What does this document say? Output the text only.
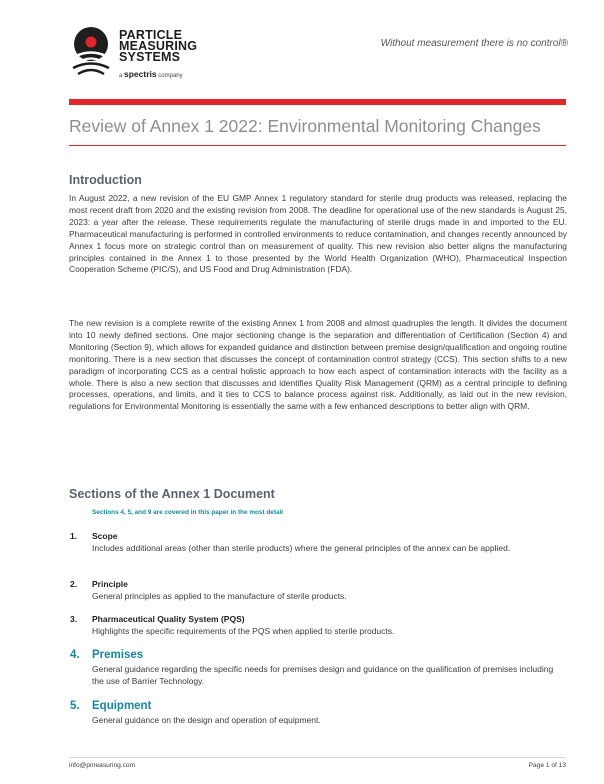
PARTICLE
MEASURING
SYSTEMS
a spectris company
Without measurement there is no control®
Review of Annex 1 2022: Environmental Monitoring Changes
Introduction

In August 2022, a new revision of the EU GMP Annex 1 regulatory standard for sterile drug products was released, replacing the most recent draft from 2020 and the existing revision from 2008. The deadline for operational use of the new standards is August 25, 2023: a year after the release. These requirements regulate the manufacturing of sterile drugs made in and imported to the EU. Pharmaceutical manufacturing is performed in controlled environments to reduce contamination, and changes recently announced by Annex 1 focus more on strategic control than on measurement of quality. This new revision also better aligns the manufacturing principles contained in the Annex 1 to those presented by the World Health Organization (WHO), Pharmaceutical Inspection Cooperation Scheme (PIC/S), and US Food and Drug Administration (FDA).

The new revision is a complete rewrite of the existing Annex 1 from 2008 and almost quadruples the length. It divides the document into 10 newly defined sections. One major sectioning change is the separation and differentiation of Certification (Section 4) and Monitoring (Section 9), which allows for expanded guidance and distinction between premise design/qualification and ongoing routine monitoring. There is a new section that discusses the concept of contamination control strategy (CCS). This section shifts to a new paradigm of incorporating CCS as a central holistic approach to how each aspect of contamination interacts with the facility as a whole. There is also a new section that discusses and identifies Quality Risk Management (QRM) as a central principle to defining processes, operations, and limits, and it ties to CCS to balance process against risk. Additionally, as laid out in the new revision, regulations for Environmental Monitoring is essentially the same with a few enhanced descriptions to better align with QRM.

Sections of the Annex 1 Document
Sections 4, 5, and 9 are covered in this paper in the most detail
1. Scope
Includes additional areas (other than sterile products) where the general principles of the annex can be applied.
2. Principle
General principles as applied to the manufacture of sterile products.
3. Pharmaceutical Quality System (PQS)
Highlights the specific requirements of the PQS when applied to sterile products.
4. Premises
General guidance regarding the specific needs for premises design and guidance on the qualification of premises including the use of Barrier Technology.
5. Equipment
General guidance on the design and operation of equipment.
info@pmeasuring.com	Page 1 of 13
